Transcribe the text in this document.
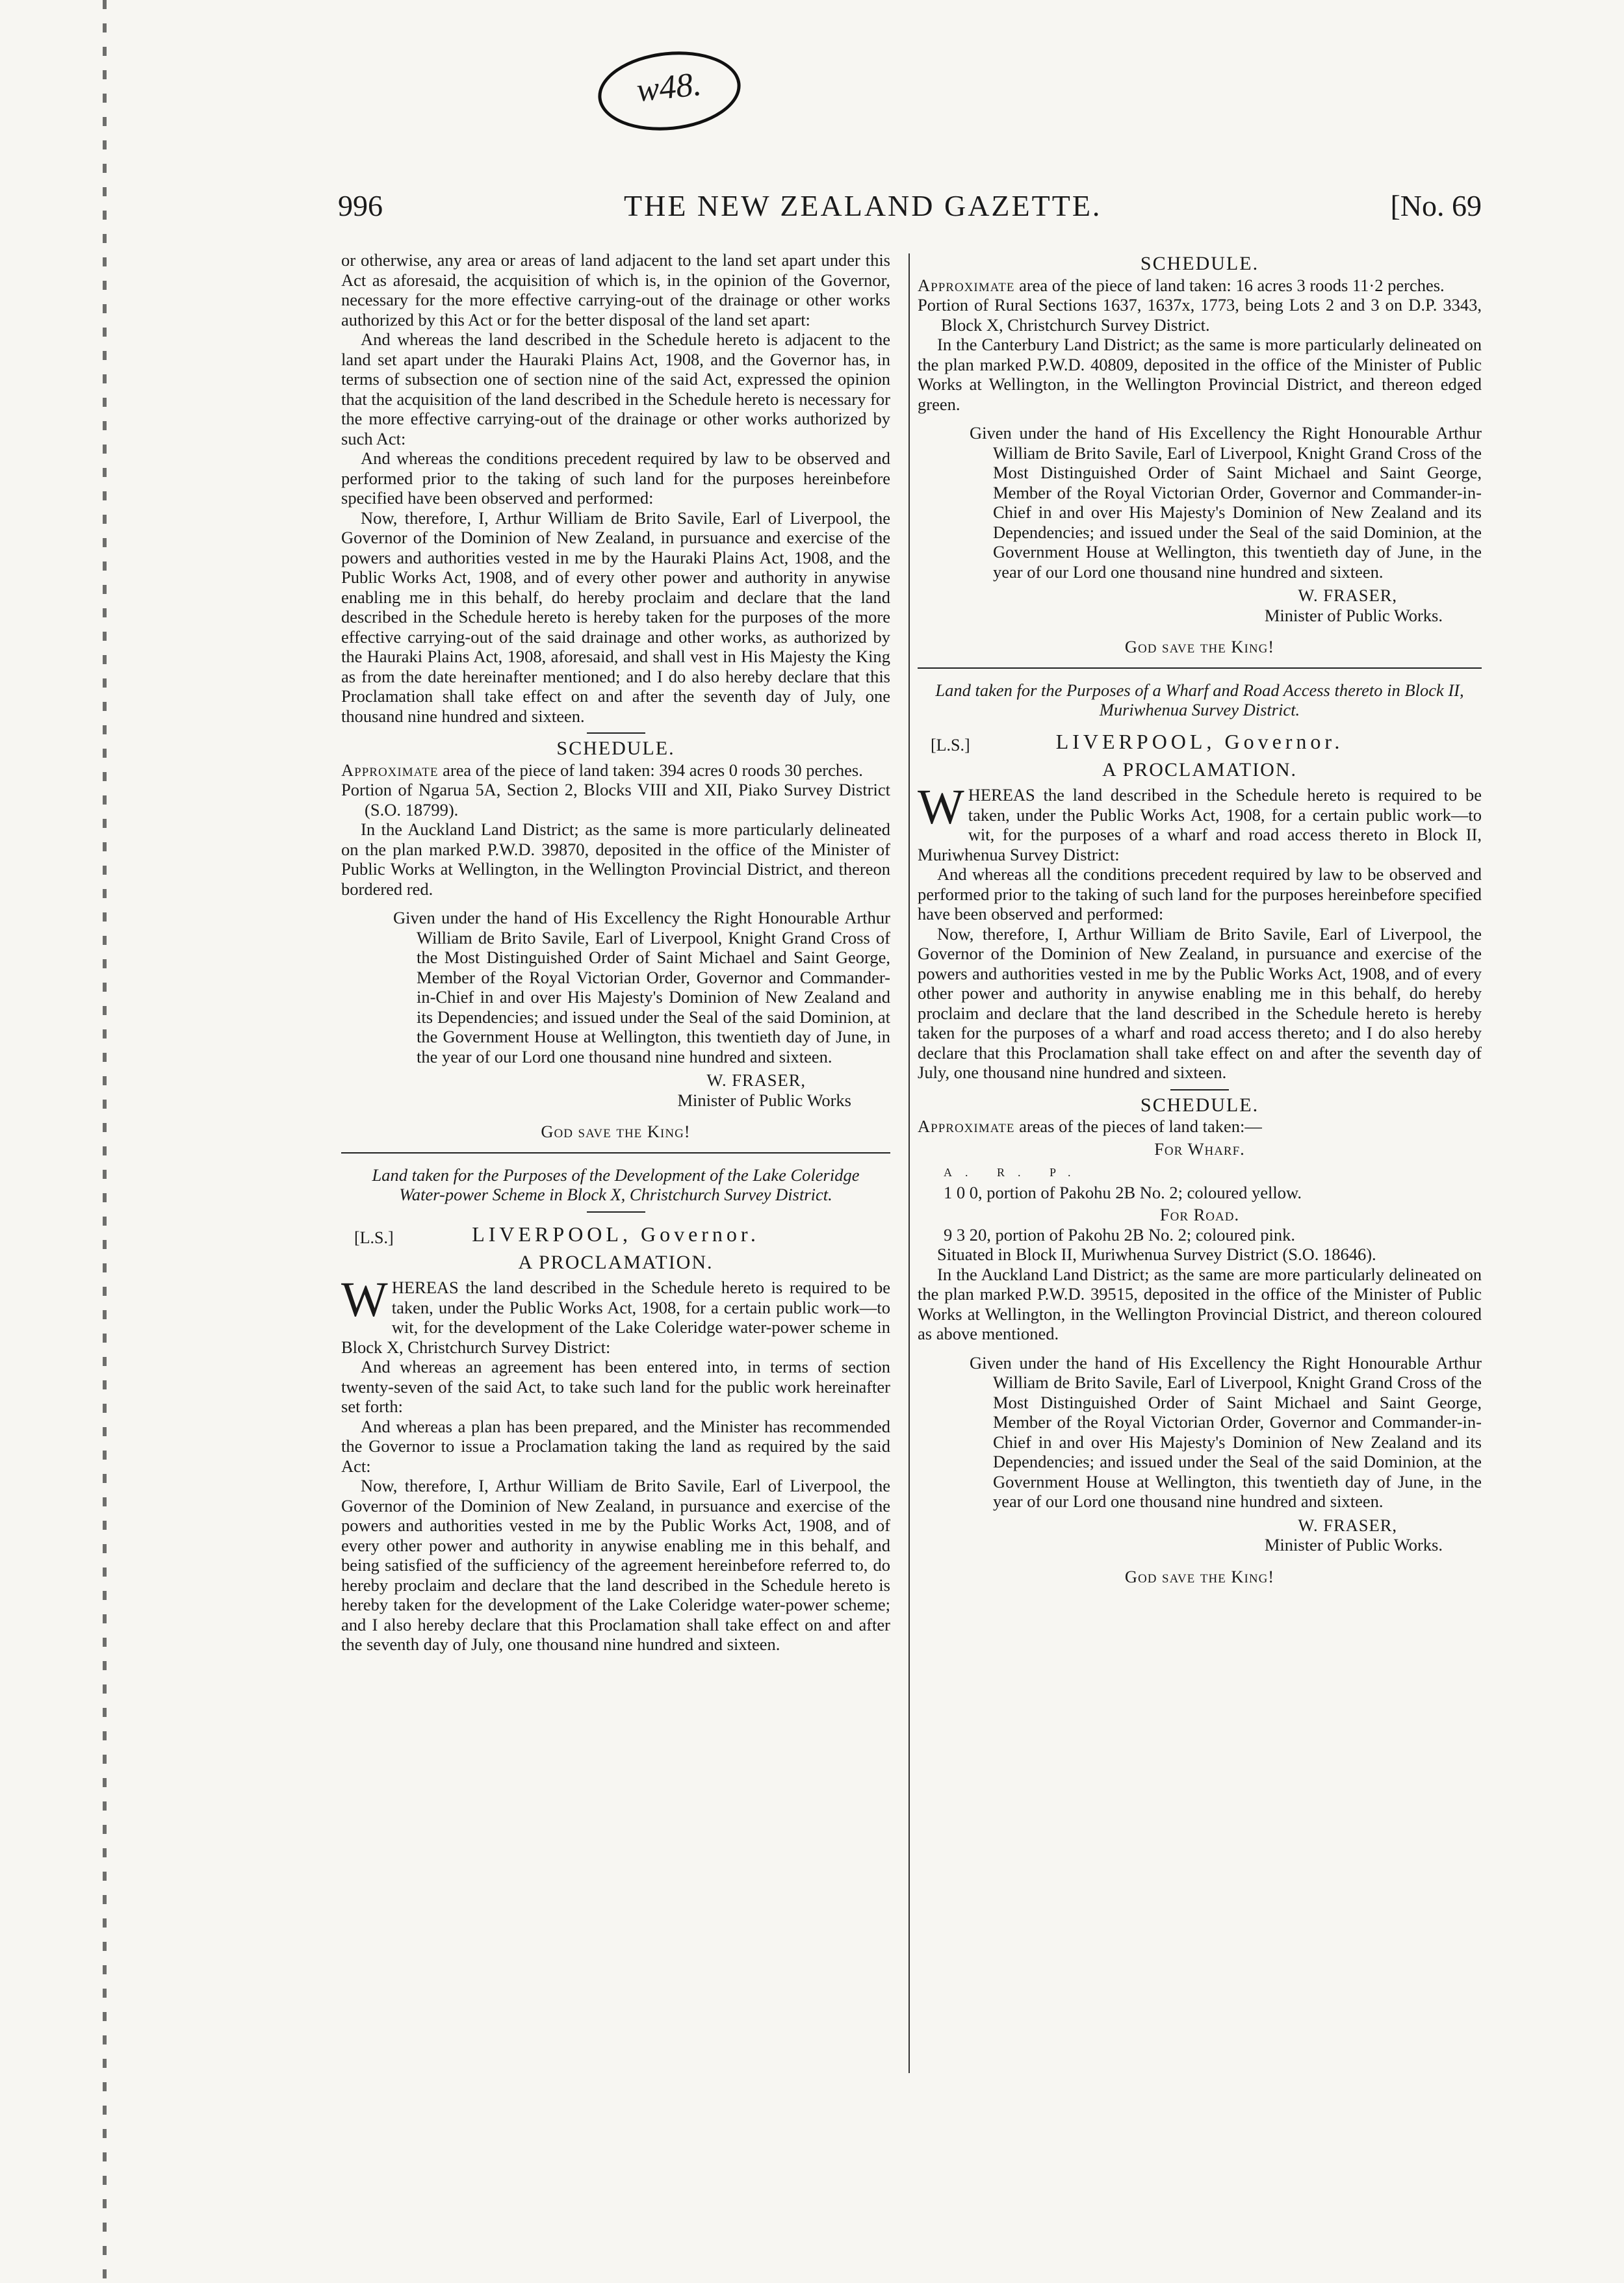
w48.
996	THE NEW ZEALAND GAZETTE.	[No. 69

or otherwise, any area or areas of land adjacent to the land set apart under this Act as aforesaid, the acquisition of which is, in the opinion of the Governor, necessary for the more effective carrying-out of the drainage or other works authorized by this Act or for the better disposal of the land set apart:

And whereas the land described in the Schedule hereto is adjacent to the land set apart under the Hauraki Plains Act, 1908, and the Governor has, in terms of subsection one of section nine of the said Act, expressed the opinion that the acquisition of the land described in the Schedule hereto is necessary for the more effective carrying-out of the drainage or other works authorized by such Act:

And whereas the conditions precedent required by law to be observed and performed prior to the taking of such land for the purposes hereinbefore specified have been observed and performed:

Now, therefore, I, Arthur William de Brito Savile, Earl of Liverpool, the Governor of the Dominion of New Zealand, in pursuance and exercise of the powers and authorities vested in me by the Hauraki Plains Act, 1908, and the Public Works Act, 1908, and of every other power and authority in anywise enabling me in this behalf, do hereby proclaim and declare that the land described in the Schedule hereto is hereby taken for the purposes of the more effective carrying-out of the said drainage and other works, as authorized by the Hauraki Plains Act, 1908, aforesaid, and shall vest in His Majesty the King as from the date hereinafter mentioned; and I do also hereby declare that this Proclamation shall take effect on and after the seventh day of July, one thousand nine hundred and sixteen.

SCHEDULE.

Approximate area of the piece of land taken: 394 acres 0 roods 30 perches.

Portion of Ngarua 5A, Section 2, Blocks VIII and XII, Piako Survey District (S.O. 18799).

In the Auckland Land District; as the same is more particularly delineated on the plan marked P.W.D. 39870, deposited in the office of the Minister of Public Works at Wellington, in the Wellington Provincial District, and thereon bordered red.

Given under the hand of His Excellency the Right Honourable Arthur William de Brito Savile, Earl of Liverpool, Knight Grand Cross of the Most Distinguished Order of Saint Michael and Saint George, Member of the Royal Victorian Order, Governor and Commander-in-Chief in and over His Majesty's Dominion of New Zealand and its Dependencies; and issued under the Seal of the said Dominion, at the Government House at Wellington, this twentieth day of June, in the year of our Lord one thousand nine hundred and sixteen.

W. FRASER,

Minister of Public Works

God save the King!

Land taken for the Purposes of the Development of the Lake Coleridge Water-power Scheme in Block X, Christchurch Survey District.

[L.S.]	LIVERPOOL, Governor.
A PROCLAMATION.

WHEREAS the land described in the Schedule hereto is required to be taken, under the Public Works Act, 1908, for a certain public work—to wit, for the development of the Lake Coleridge water-power scheme in Block X, Christchurch Survey District:

And whereas an agreement has been entered into, in terms of section twenty-seven of the said Act, to take such land for the public work hereinafter set forth:

And whereas a plan has been prepared, and the Minister has recommended the Governor to issue a Proclamation taking the land as required by the said Act:

Now, therefore, I, Arthur William de Brito Savile, Earl of Liverpool, the Governor of the Dominion of New Zealand, in pursuance and exercise of the powers and authorities vested in me by the Public Works Act, 1908, and of every other power and authority in anywise enabling me in this behalf, and being satisfied of the sufficiency of the agreement hereinbefore referred to, do hereby proclaim and declare that the land described in the Schedule hereto is hereby taken for the development of the Lake Coleridge water-power scheme; and I also hereby declare that this Proclamation shall take effect on and after the seventh day of July, one thousand nine hundred and sixteen.

SCHEDULE.

Approximate area of the piece of land taken: 16 acres 3 roods 11·2 perches.

Portion of Rural Sections 1637, 1637x, 1773, being Lots 2 and 3 on D.P. 3343, Block X, Christchurch Survey District.

In the Canterbury Land District; as the same is more particularly delineated on the plan marked P.W.D. 40809, deposited in the office of the Minister of Public Works at Wellington, in the Wellington Provincial District, and thereon edged green.

Given under the hand of His Excellency the Right Honourable Arthur William de Brito Savile, Earl of Liverpool, Knight Grand Cross of the Most Distinguished Order of Saint Michael and Saint George, Member of the Royal Victorian Order, Governor and Commander-in-Chief in and over His Majesty's Dominion of New Zealand and its Dependencies; and issued under the Seal of the said Dominion, at the Government House at Wellington, this twentieth day of June, in the year of our Lord one thousand nine hundred and sixteen.

W. FRASER,

Minister of Public Works.

God save the King!

Land taken for the Purposes of a Wharf and Road Access thereto in Block II, Muriwhenua Survey District.

[L.S.]	LIVERPOOL, Governor.
A PROCLAMATION.

WHEREAS the land described in the Schedule hereto is required to be taken, under the Public Works Act, 1908, for a certain public work—to wit, for the purposes of a wharf and road access thereto in Block II, Muriwhenua Survey District:

And whereas all the conditions precedent required by law to be observed and performed prior to the taking of such land for the purposes hereinbefore specified have been observed and performed:

Now, therefore, I, Arthur William de Brito Savile, Earl of Liverpool, the Governor of the Dominion of New Zealand, in pursuance and exercise of the powers and authorities vested in me by the Public Works Act, 1908, and of every other power and authority in anywise enabling me in this behalf, do hereby proclaim and declare that the land described in the Schedule hereto is hereby taken for the purposes of a wharf and road access thereto; and I do also hereby declare that this Proclamation shall take effect on and after the seventh day of July, one thousand nine hundred and sixteen.

SCHEDULE.

Approximate areas of the pieces of land taken:—

For Wharf.

A. R. P.

1 0 0, portion of Pakohu 2B No. 2; coloured yellow.

For Road.

9 3 20, portion of Pakohu 2B No. 2; coloured pink.

Situated in Block II, Muriwhenua Survey District (S.O. 18646).

In the Auckland Land District; as the same are more particularly delineated on the plan marked P.W.D. 39515, deposited in the office of the Minister of Public Works at Wellington, in the Wellington Provincial District, and thereon coloured as above mentioned.

Given under the hand of His Excellency the Right Honourable Arthur William de Brito Savile, Earl of Liverpool, Knight Grand Cross of the Most Distinguished Order of Saint Michael and Saint George, Member of the Royal Victorian Order, Governor and Commander-in-Chief in and over His Majesty's Dominion of New Zealand and its Dependencies; and issued under the Seal of the said Dominion, at the Government House at Wellington, this twentieth day of June, in the year of our Lord one thousand nine hundred and sixteen.

W. FRASER,

Minister of Public Works.

God save the King!
